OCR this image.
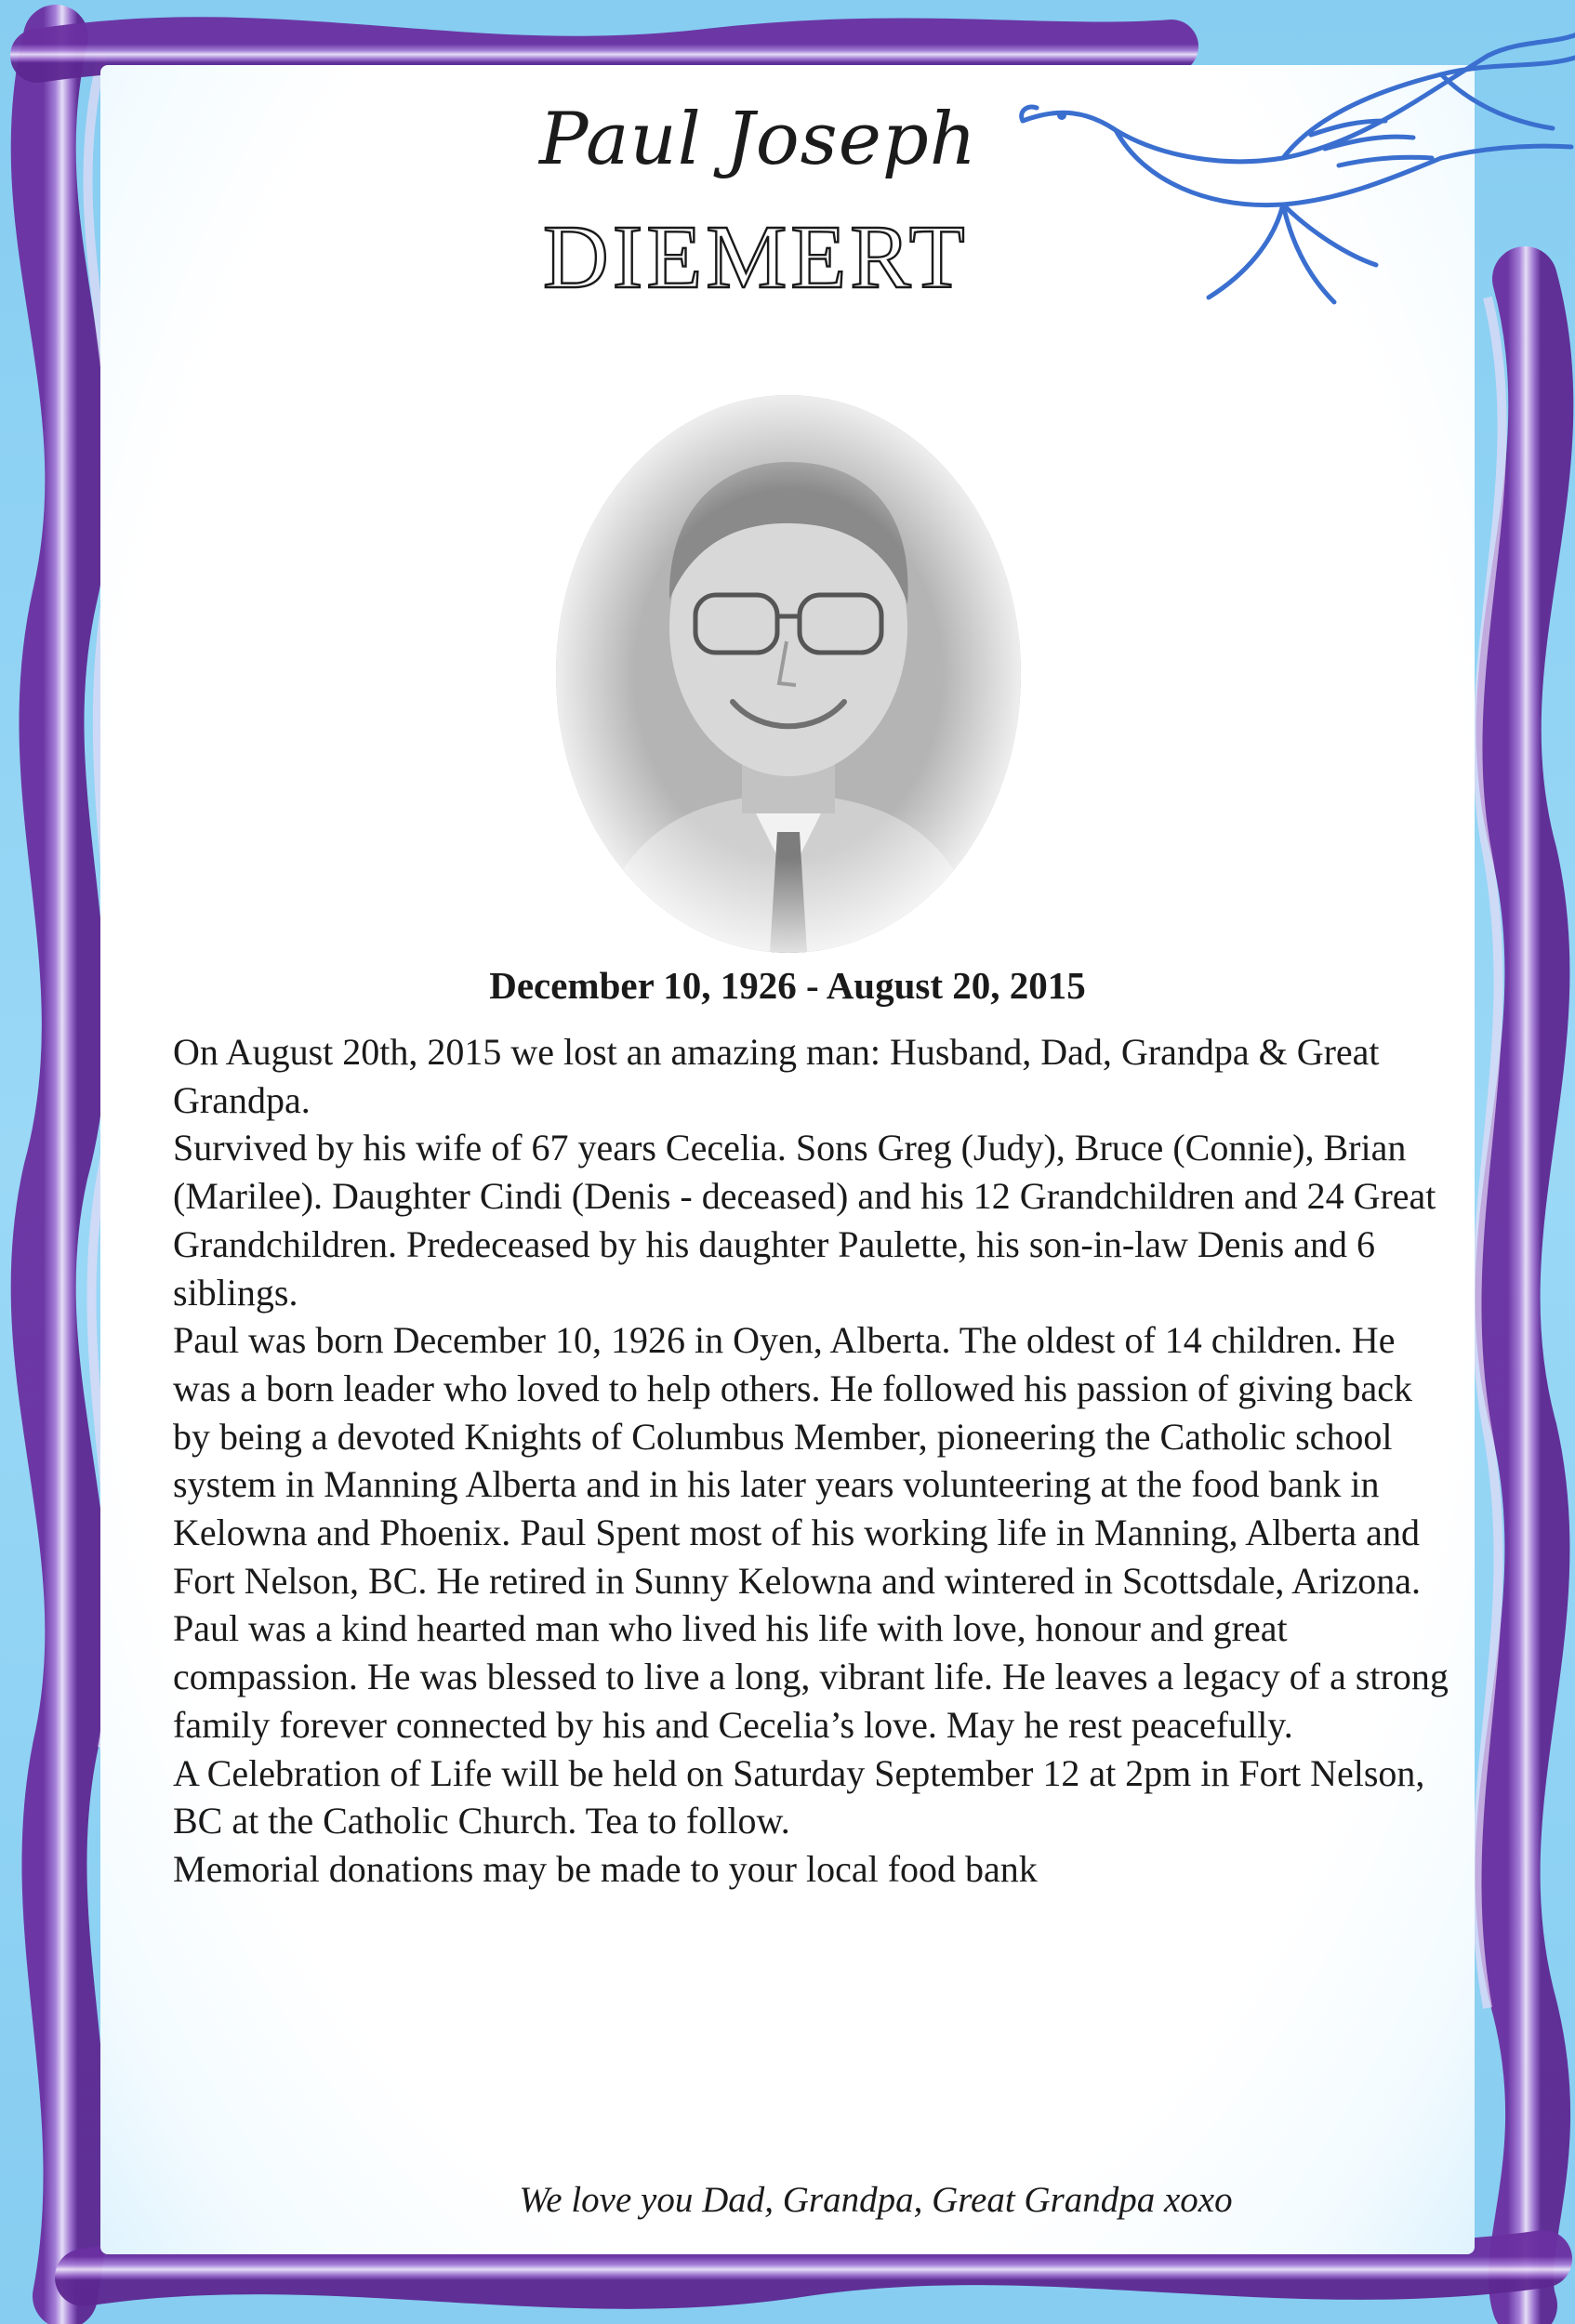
Paul Joseph
DIEMERT
December 10, 1926 - August 20, 2015

On August 20th, 2015 we lost an amazing man: Husband, Dad, Grandpa & Great Grandpa.

Survived by his wife of 67 years Cecelia. Sons Greg (Judy), Bruce (Connie), Brian (Marilee). Daughter Cindi (Denis - deceased) and his 12 Grandchildren and 24 Great Grandchildren. Predeceased by his daughter Paulette, his son-in-law Denis and 6 siblings.

Paul was born December 10, 1926 in Oyen, Alberta. The oldest of 14 children. He was a born leader who loved to help others. He followed his passion of giving back by being a devoted Knights of Columbus Member, pioneering the Catholic school system in Manning Alberta and in his later years volunteering at the food bank in Kelowna and Phoenix. Paul Spent most of his working life in Manning, Alberta and Fort Nelson, BC. He retired in Sunny Kelowna and wintered in Scottsdale, Arizona.

Paul was a kind hearted man who lived his life with love, honour and great compassion. He was blessed to live a long, vibrant life. He leaves a legacy of a strong family forever connected by his and Cecelia’s love. May he rest peacefully.

A Celebration of Life will be held on Saturday September 12 at 2pm in Fort Nelson, BC at the Catholic Church. Tea to follow.

Memorial donations may be made to your local food bank

We love you Dad, Grandpa, Great Grandpa xoxo
